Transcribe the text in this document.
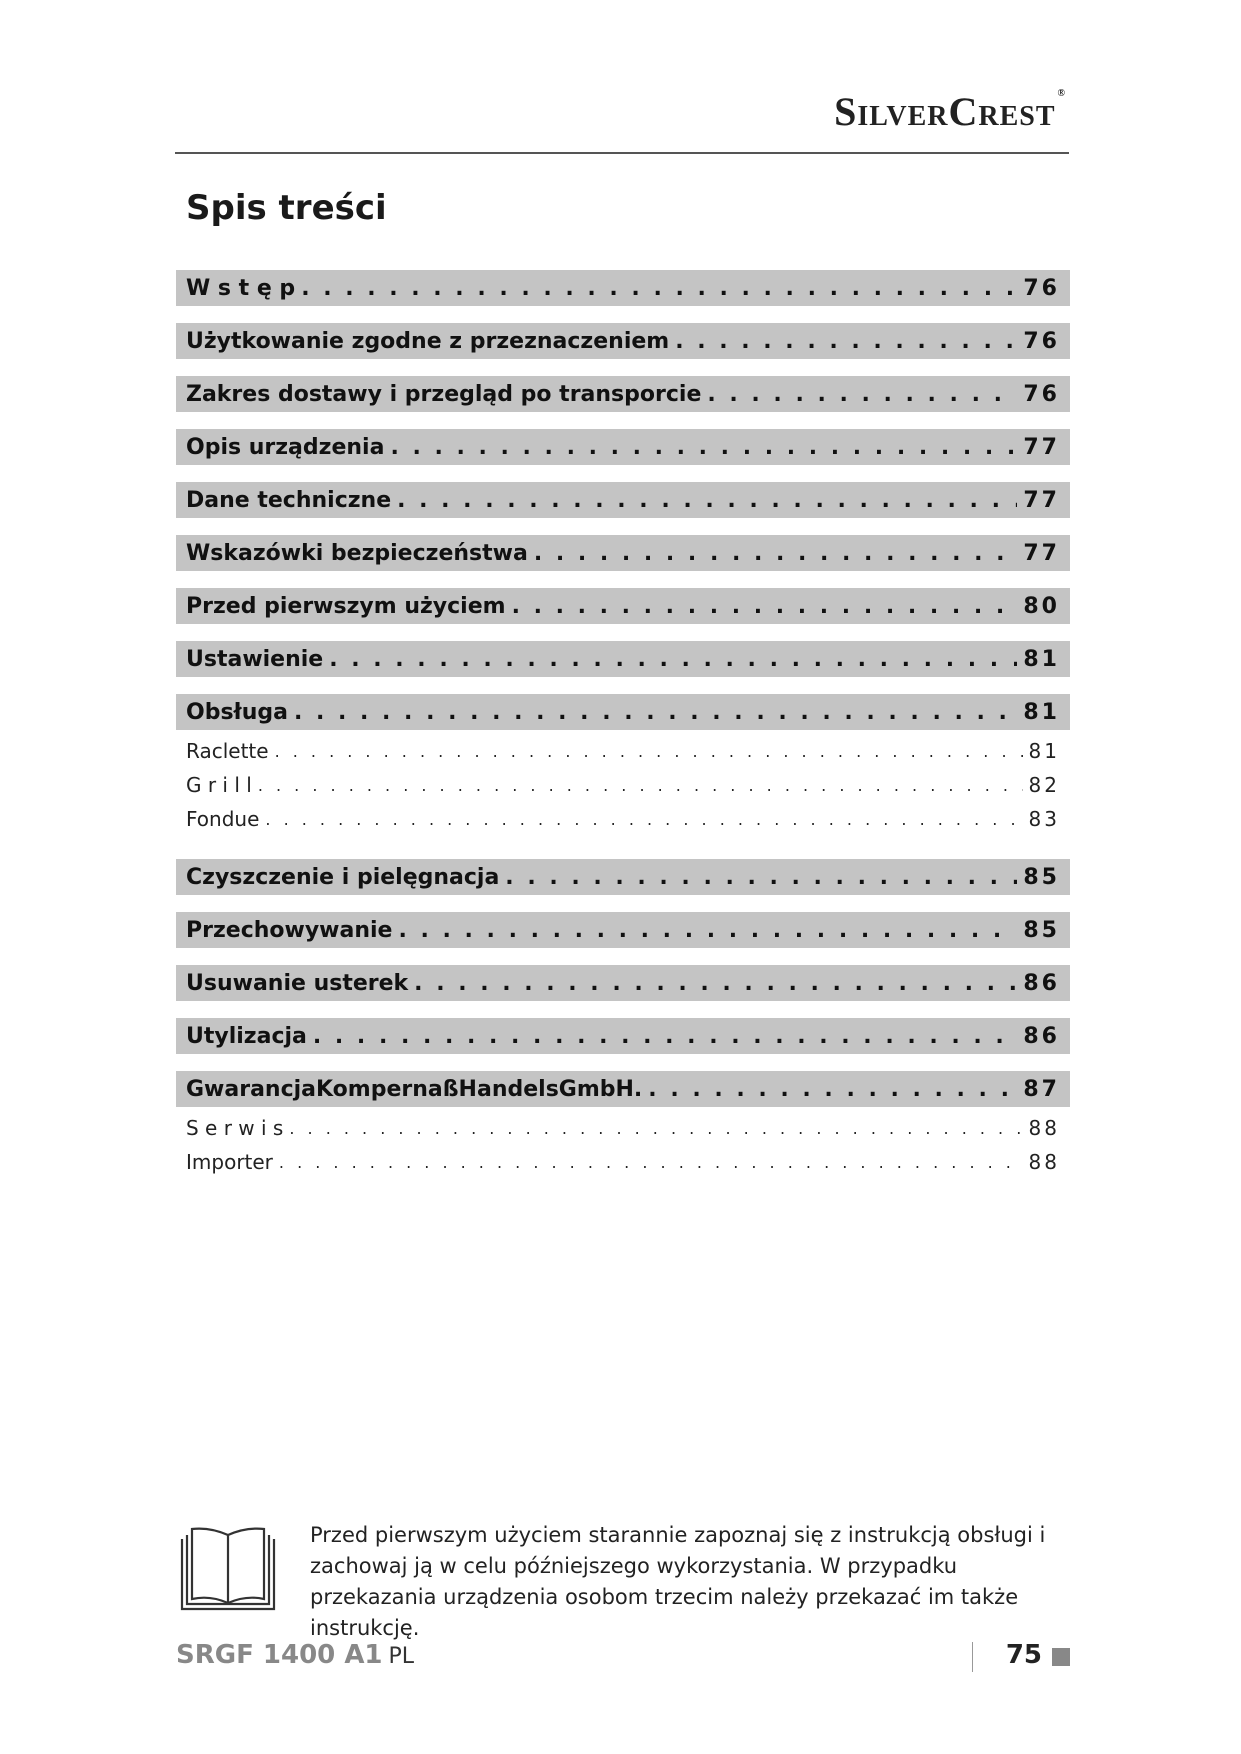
SilverCrest ®
Spis treści
W s t ę p . . .	76
Użytkowanie zgodne z przeznaczeniem . . .	76
Zakres dostawy i przegląd po transporcie . . .	76
Opis urządzenia . . .	77
Dane techniczne . . .	77
Wskazówki bezpieczeństwa . . .	77
Przed pierwszym użyciem . . .	80
Ustawienie . . .	81
Obsługa . . .	81
Raclette . . .	81
G r i l l . . .	82
Fondue . . .	83
Czyszczenie i pielęgnacja . . .	85
Przechowywanie . . .	85
Usuwanie usterek . . .	86
Utylizacja . . .	86
GwarancjaKompernaßHandelsGmbH. . . .	87
S e r w i s . . .	88
Importer . . .	88
Przed pierwszym użyciem starannie zapoznaj się z instrukcją obsługi i zachowaj ją w celu późniejszego wykorzystania. W przypadku przekazania urządzenia osobom trzecim należy przekazać im także instrukcję.
SRGF 1400 A1 PL	75
